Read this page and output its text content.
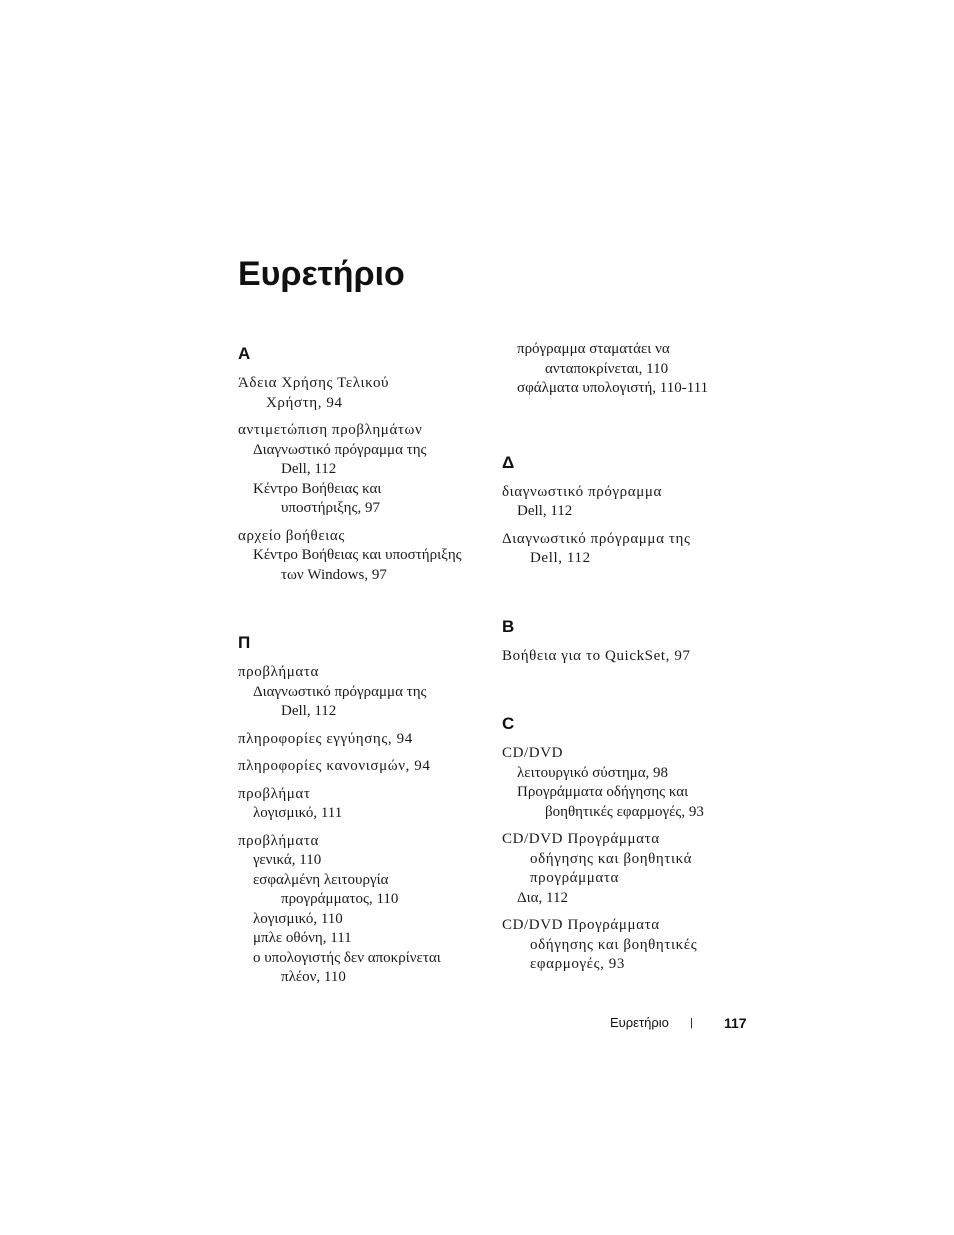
Ευρετήριο
Α
Άδεια Χρήσης Τελικού
Χρήστη, 94
αντιμετώπιση προβλημάτων
Διαγνωστικό πρόγραμμα της
Dell, 112
Κέντρο Βοήθειας και
υποστήριξης, 97
αρχείο βοήθειας
Κέντρο Βοήθειας και υποστήριξης
των Windows, 97
Π
προβλήματα
Διαγνωστικό πρόγραμμα της
Dell, 112
πληροφορίες εγγύησης, 94
πληροφορίες κανονισμών, 94
προβλήματ
λογισμικό, 111
προβλήματα
γενικά, 110
εσφαλμένη λειτουργία
προγράμματος, 110
λογισμικό, 110
μπλε οθόνη, 111
ο υπολογιστής δεν αποκρίνεται
πλέον, 110
πρόγραμμα σταματάει να
ανταποκρίνεται, 110
σφάλματα υπολογιστή, 110-111
Δ
διαγνωστικό πρόγραμμα
Dell, 112
Διαγνωστικό πρόγραμμα της
Dell, 112
B
Βοήθεια για το QuickSet, 97
C
CD/DVD
λειτουργικό σύστημα, 98
Προγράμματα οδήγησης και
βοηθητικές εφαρμογές, 93
CD/DVD Προγράμματα
οδήγησης και βοηθητικά
προγράμματα
Δια, 112
CD/DVD Προγράμματα
οδήγησης και βοηθητικές
εφαρμογές, 93
Ευρετήριο | 117
